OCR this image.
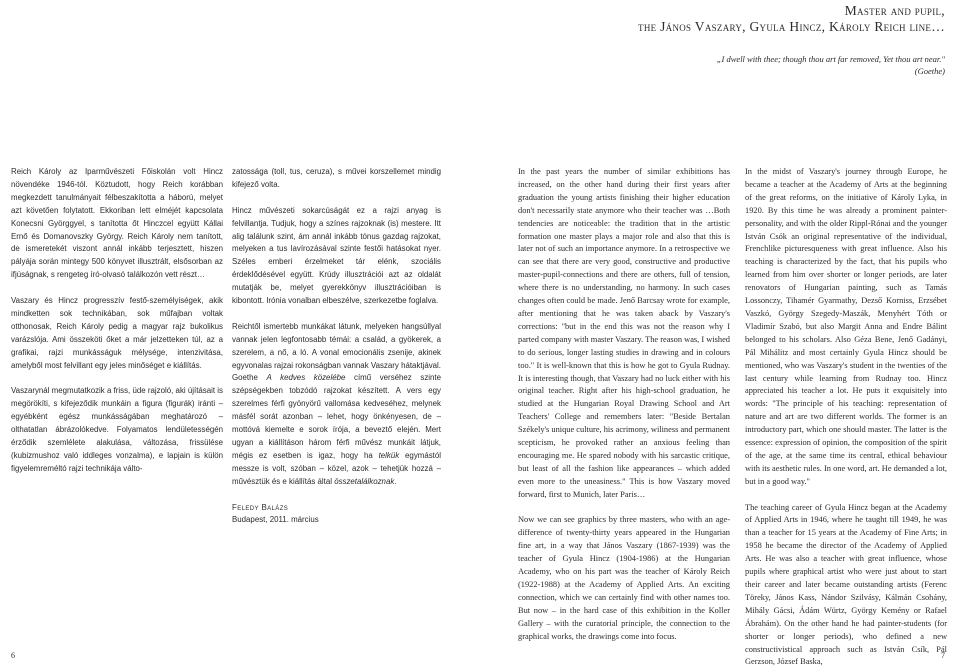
Master and pupil,
the János Vaszary, Gyula Hincz, Károly Reich line…
„I dwell with thee; though thou art far removed, Yet thou art near."
(Goethe)

Reich Károly az Iparművészeti Főiskolán volt Hincz növendéke 1946-tól. Köztudott, hogy Reich korábban megkezdett tanulmányait félbeszakította a háború, melyet azt követően folytatott. Ekkoriban lett elméjét kapcsolata Konecsni Györggyel, s tanította őt Hinczcel együtt Kállai Ernő és Domanovszky György. Reich Károly nem tanított, de ismeretekét viszont annál inkább terjesztett, hiszen pályája során mintegy 500 könyvet illusztrált, elsősorban az ifjúságnak, s rengeteg író-olvasó találkozón vett részt…

Vaszary és Hincz progresszív festő-személyiségek, akik mindketten sok technikában, sok műfajban voltak otthonosak, Reich Károly pedig a magyar rajz bukolikus varázslója. Ami összeköti őket a már jelzetteken túl, az a grafikai, rajzi munkásságuk mélysége, intenzivitása, amelyből most felvillant egy jeles minőséget e kiállítás.

Vaszarynál megmutatkozik a friss, üde rajzoló, aki újításait is megörökíti, s kifejeződik munkáin a figura (figurák) iránti – egyébként egész munkásságában meghatározó – olthatatlan ábrázolókedve. Folyamatos lendületességén érződik szemlélete alakulása, változása, frissülése (kubizmushoz való iddleges vonzalma), e lapjain is külön figyelemreméltó rajzi technikája válto-

zatossága (toll, tus, ceruza), s művei korszellemet mindig kifejező volta.

Hincz művészeti sokarcúságát ez a rajzi anyag is felvillantja. Tudjuk, hogy a színes rajzoknak (is) mestere. Itt alig találunk szint, ám annál inkább tónus gazdag rajzokat, melyeken a tus lavírozásával szinte festői hatásokat nyer. Széles emberi érzelmeket tár elénk, szociális érdeklődésével együtt. Krúdy illusztrációi azt az oldalát mutatják be, melyet gyerekkönyv illusztrációiban is kibontott. Irónia vonalban elbeszélve, szerkezetbe foglalva.

Reichtől ismertebb munkákat látunk, melyeken hangsúllyal vannak jelen legfontosabb témái: a család, a gyökerek, a szerelem, a nő, a ló. A vonal emocionális zsenije, akinek egyvonalas rajzai rokonságban vannak Vaszary hátaktjával. Goethe A kedves közelébe című verséhez szinte szépségekben tobzódó rajzokat készített. A vers egy szerelmes férfi gyönyörű vallomása kedveséhez, melynek másfél sorát azonban – lehet, hogy önkényesen, de – mottóvá kiemelte e sorok írója, a beveztő elején. Mert ugyan a kiállításon három férfi művész munkáit látjuk, mégis ez esetben is igaz, hogy ha telkük egymástól messze is volt, szóban – közel, azok – tehetjük hozzá – művésztük és e kiállítás által összetalálkoznak.

Feledy Balázs
Budapest, 2011. március

In the past years the number of similar exhibitions has increased, on the other hand during their first years after graduation the young artists finishing their higher education don't necessarily state anymore who their teacher was …Both tendencies are noticeable: the tradition that in the artistic formation one master plays a major role and also that this is later not of such an importance anymore. In a retrospective we can see that there are very good, constructive and productive master-pupil-connections and there are others, full of tension, where there is no understanding, no harmony. In such cases changes often could be made. Jenő Barcsay wrote for example, after mentioning that he was taken aback by Vaszary's corrections: "but in the end this was not the reason why I parted company with master Vaszary. The reason was, I wished to do serious, longer lasting studies in drawing and in colours too." It is well-known that this is how he got to Gyula Rudnay. It is interesting though, that Vaszary had no luck either with his original teacher. Right after his high-school graduation, he studied at the Hungarian Royal Drawing School and Art Teachers' College and remembers later: "Beside Bertalan Székely's unique culture, his acrimony, wiliness and permanent scepticism, he provoked rather an anxious feeling than encouraging me. He spared nobody with his sarcastic critique, but least of all the fashion like appearances – which added even more to the uneasiness." This is how Vaszary moved forward, first to Munich, later Paris…

Now we can see graphics by three masters, who with an age-difference of twenty-thirty years appeared in the Hungarian fine art, in a way that János Vaszary (1867-1939) was the teacher of Gyula Hincz (1904-1986) at the Hungarian Academy, who on his part was the teacher of Károly Reich (1922-1988) at the Academy of Applied Arts. An exciting connection, which we can certainly find with other names too. But now – in the hard case of this exhibition in the Koller Gallery – with the curatorial principle, the connection to the graphical works, the drawings come into focus.

In the midst of Vaszary's journey through Europe, he became a teacher at the Academy of Arts at the beginning of the great reforms, on the initiative of Károly Lyka, in 1920. By this time he was already a prominent painter-personality, and with the older Rippl-Rónai and the younger István Csók an original representative of the individual, Frenchlike picturesqueness with great influence. Also his teaching is characterized by the fact, that his pupils who learned from him over shorter or longer periods, are later renovators of Hungarian painting, such as Tamás Lossonczy, Tihamér Gyarmathy, Dezső Korniss, Erzsébet Vaszkó, György Szegedy-Maszák, Menyhért Tóth or Vladimír Szabó, but also Margit Anna and Endre Bálint belonged to his scholars. Also Géza Bene, Jenő Gadányi, Pál Mihálitz and most certainly Gyula Hincz should be mentioned, who was Vaszary's student in the twenties of the last century while learning from Rudnay too. Hincz appreciated his teacher a lot. He puts it exquisitely into words: "The principle of his teaching: representation of nature and art are two different worlds. The former is an introductory part, which one should master. The latter is the essence: expression of opinion, the composition of the spirit of the age, at the same time its central, ethical behaviour with its aesthetic rules. In one word, art. He demanded a lot, but in a good way."

The teaching career of Gyula Hincz began at the Academy of Applied Arts in 1946, where he taught till 1949, he was than a teacher for 15 years at the Academy of Fine Arts; in 1958 he became the director of the Academy of Applied Arts. He was also a teacher with great influence, whose pupils where graphical artist who were just about to start their career and later became outstanding artists (Ferenc Töreky, János Kass, Nándor Szilvásy, Kálmán Csohány, Mihály Gácsi, Ádám Würtz, György Kemény or Rafael Ábrahám). On the other hand he had painter-students (for shorter or longer periods), who defined a new constructivistical approach such as István Csík, Pál Gerzson, József Baska,

6	7
